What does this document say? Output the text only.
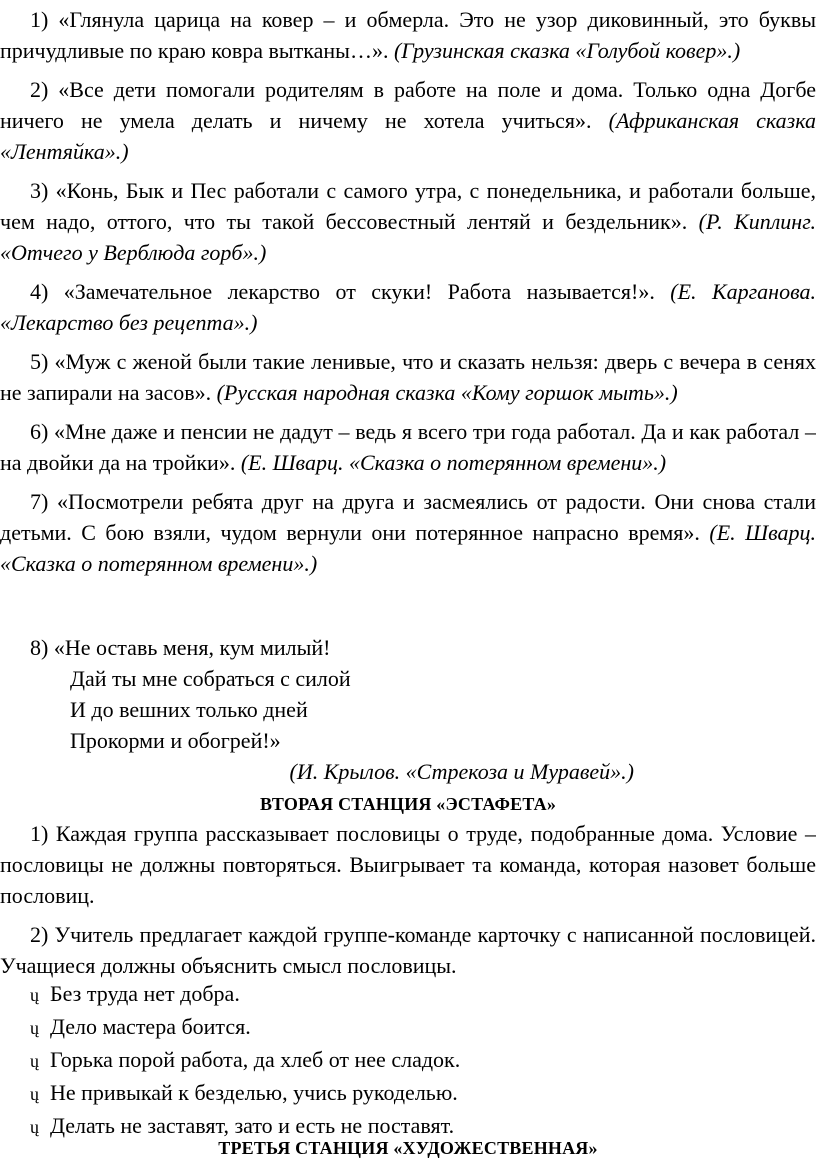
1) «Глянула царица на ковер – и обмерла. Это не узор диковинный, это буквы причудливые по краю ковра вытканы…». (Грузинская сказка «Голубой ковер».)

2) «Все дети помогали родителям в работе на поле и дома. Только одна Догбе ничего не умела делать и ничему не хотела учиться». (Африканская сказка «Лентяйка».)

3) «Конь, Бык и Пес работали с самого утра, с понедельника, и работали больше, чем надо, оттого, что ты такой бессовестный лентяй и бездельник». (Р. Киплинг. «Отчего у Верблюда горб».)

4) «Замечательное лекарство от скуки! Работа называется!». (Е. Карганова. «Лекарство без рецепта».)

5) «Муж с женой были такие ленивые, что и сказать нельзя: дверь с вечера в сенях не запирали на засов». (Русская народная сказка «Кому горшок мыть».)

6) «Мне даже и пенсии не дадут – ведь я всего три года работал. Да и как работал – на двойки да на тройки». (Е. Шварц. «Сказка о потерянном времени».)

7) «Посмотрели ребята друг на друга и засмеялись от радости. Они снова стали детьми. С бою взяли, чудом вернули они потерянное напрасно время». (Е. Шварц. «Сказка о потерянном времени».)

8) «Не оставь меня, кум милый!
Дай ты мне собраться с силой
И до вешних только дней
Прокорми и обогрей!»
(И. Крылов. «Стрекоза и Муравей».)
ВТОРАЯ СТАНЦИЯ «ЭСТАФЕТА»

1) Каждая группа рассказывает пословицы о труде, подобранные дома. Условие – пословицы не должны повторяться. Выигрывает та команда, которая назовет больше пословиц.

2) Учитель предлагает каждой группе-команде карточку с написанной пословицей. Учащиеся должны объяснить смысл пословицы.

ų Без труда нет добра.
ų Дело мастера боится.
ų Горька порой работа, да хлеб от нее сладок.
ų Не привыкай к безделью, учись рукоделью.
ų Делать не заставят, зато и есть не поставят.
ТРЕТЬЯ СТАНЦИЯ «ХУДОЖЕСТВЕННАЯ»
